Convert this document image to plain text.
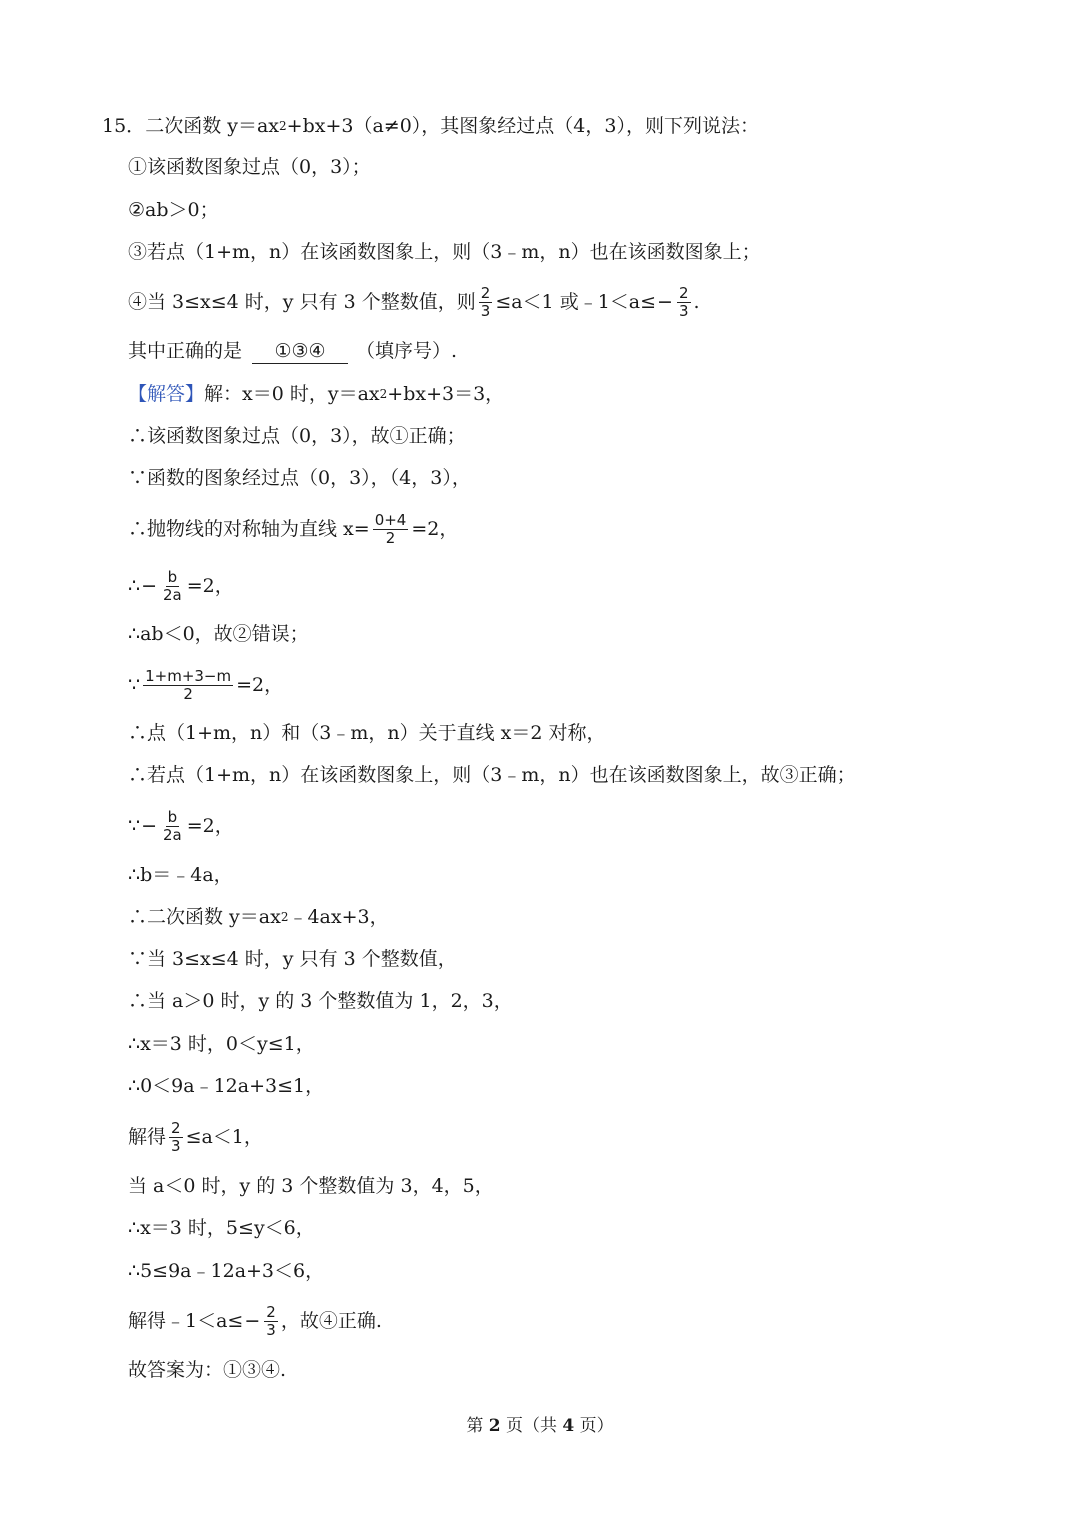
15． 二次函数 y＝ax 2 +bx+3（a≠0），其图象经过点（4，3），则下列说法：
①该函数图象过点（0，3）；
②ab＞0；
③若点（1+m，n）在该函数图象上，则（3﹣m，n）也在该函数图象上；
④当 3≤x≤4 时，y 只有 3 个整数值，则 $\frac{2}{3} \le a<1$ 或﹣1＜a≤ − $\frac{2}{3}$ .
其中正确的是	①③④	（填序号）.
【解答】 解：x＝0 时，y＝ax 2 +bx+3＝3，
∴该函数图象过点（0，3），故①正确；
∵函数的图象经过点（0，3），（4，3），
∴抛物线的对称轴为直线 $x= \frac{0+4}{2} =2$，
∴ − $\frac{b}{2a} =2$，
∴ab＜0，故②错误；
∵ $\frac{1+m+3-m}{2} =2$，
∴点（1+m，n）和（3﹣m，n）关于直线 x＝2 对称，
∴若点（1+m，n）在该函数图象上，则（3﹣m，n）也在该函数图象上，故③正确；
∵ − $\frac{b}{2a} =2$，
∴b＝﹣4a，
∴二次函数 y＝ax 2 ﹣4ax+3，
∵当 3≤x≤4 时，y 只有 3 个整数值，
∴当 a＞0 时，y 的 3 个整数值为 1，2，3，
∴x＝3 时，0＜y≤1，
∴0＜9a﹣12a+3≤1，
解得 $\frac{2}{3} \le a<1$，
当 a＜0 时，y 的 3 个整数值为 3，4，5，
∴x＝3 时，5≤y＜6，
∴5≤9a﹣12a+3＜6，
解得﹣1＜a≤ − $\frac{2}{3}$ ，故④正确.
故答案为：①③④.
第 2 页（共 4 页）
